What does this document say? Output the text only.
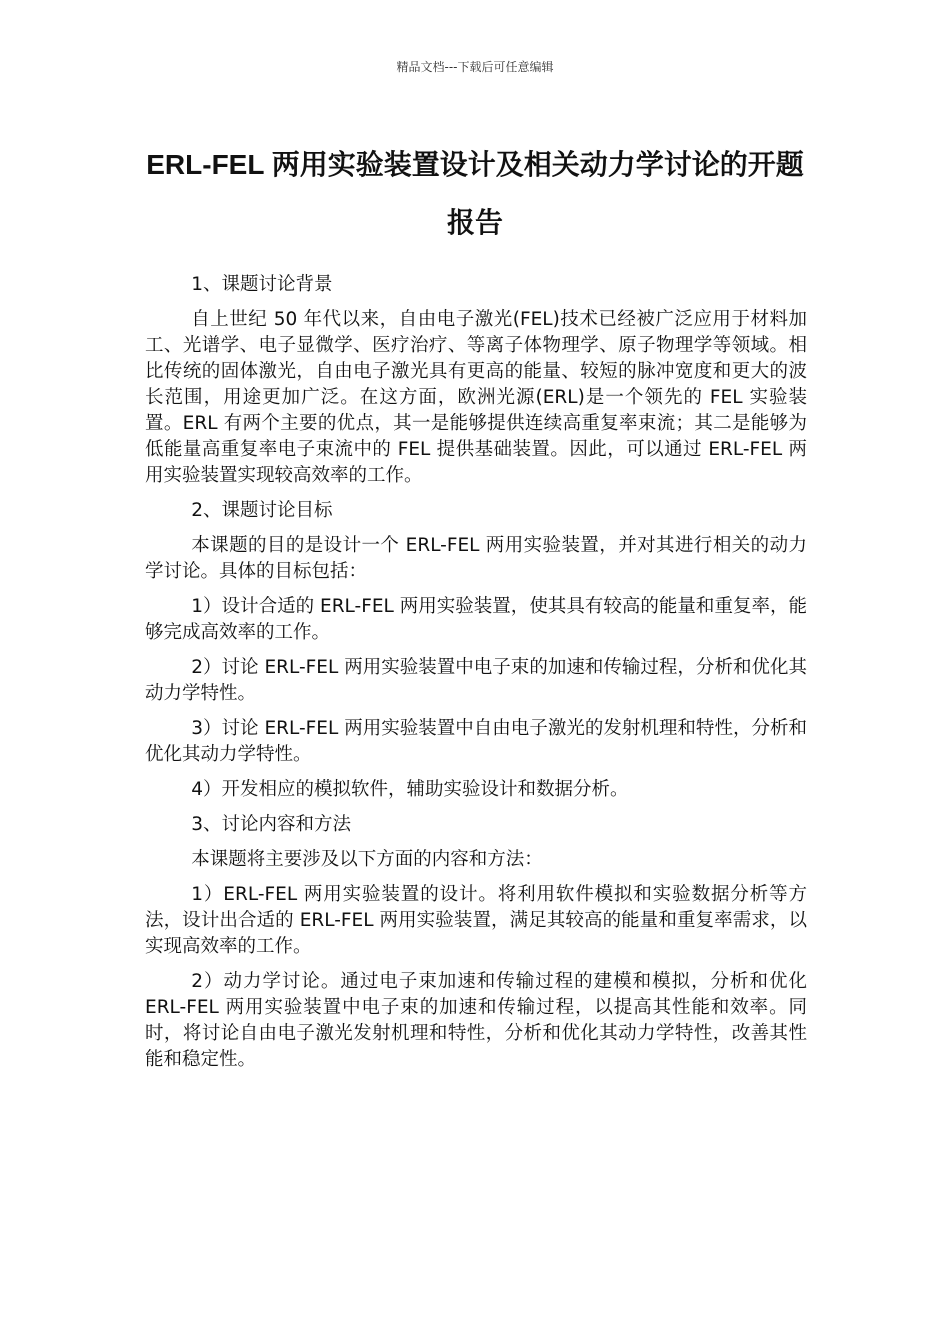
精品文档---下载后可任意编辑
ERL-FEL 两用实验装置设计及相关动力学讨论的开题报告

1、课题讨论背景

自上世纪 50 年代以来，自由电子激光(FEL)技术已经被广泛应用于材料加工、光谱学、电子显微学、医疗治疗、等离子体物理学、原子物理学等领域。相比传统的固体激光，自由电子激光具有更高的能量、较短的脉冲宽度和更大的波长范围，用途更加广泛。在这方面，欧洲光源(ERL)是一个领先的 FEL 实验装置。ERL 有两个主要的优点，其一是能够提供连续高重复率束流；其二是能够为低能量高重复率电子束流中的 FEL 提供基础装置。因此，可以通过 ERL-FEL 两用实验装置实现较高效率的工作。

2、课题讨论目标

本课题的目的是设计一个 ERL-FEL 两用实验装置，并对其进行相关的动力学讨论。具体的目标包括：

1）设计合适的 ERL-FEL 两用实验装置，使其具有较高的能量和重复率，能够完成高效率的工作。

2）讨论 ERL-FEL 两用实验装置中电子束的加速和传输过程，分析和优化其动力学特性。

3）讨论 ERL-FEL 两用实验装置中自由电子激光的发射机理和特性，分析和优化其动力学特性。

4）开发相应的模拟软件，辅助实验设计和数据分析。

3、讨论内容和方法

本课题将主要涉及以下方面的内容和方法：

1）ERL-FEL 两用实验装置的设计。将利用软件模拟和实验数据分析等方法，设计出合适的 ERL-FEL 两用实验装置，满足其较高的能量和重复率需求，以实现高效率的工作。

2）动力学讨论。通过电子束加速和传输过程的建模和模拟，分析和优化 ERL-FEL 两用实验装置中电子束的加速和传输过程，以提高其性能和效率。同时，将讨论自由电子激光发射机理和特性，分析和优化其动力学特性，改善其性能和稳定性。
